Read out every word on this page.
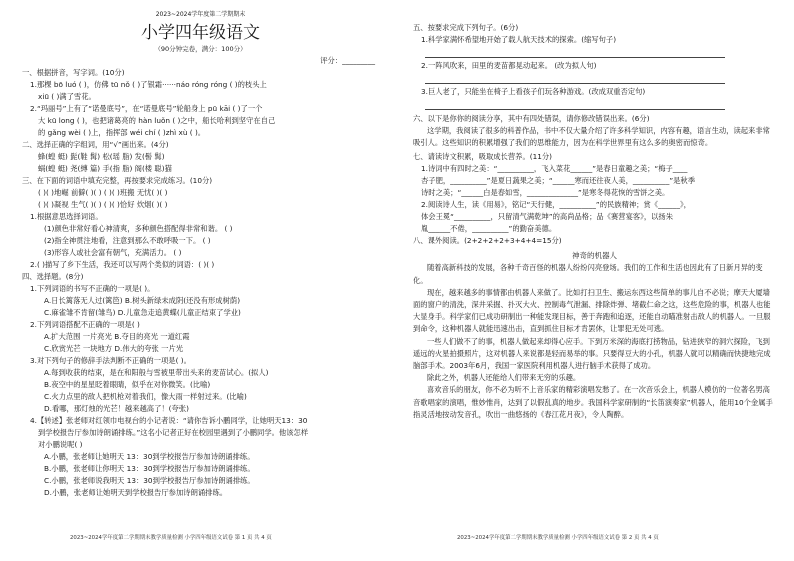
2023~2024学年度第二学期期末
小学四年级语文
（90分钟完卷，满分：100分）
评分：_________
一、根据拼音，写字词。(10分)
1.那棵 bō luó ( )，仿佛 tū nǒ ( )了银霜······náo róng róng ( )的枝头上
xiū ( )满了雪花。
2.“玛丽号”上有了“诺曼底号”，在“诺曼底号”轮船身上 pū kāi ( )了一个
大 kū long ( )，也把诸葛亮的 hàn luǒn ( )之中，船长哈利到坚守在自己
的 gǎng wèi ( )上，指挥部 wéi chí ( )zhì xù ( )。
二、选择正确的字组词，用“√”画出来。(4分)
蜂(蝗 蜓) 髭(鞋 髯) 松(瑶 脂) 发(髻 髯)
蜗(蝗 蜓) 尧(縳 篇) 手(指 脂) 阁(楼 聪)猫
三、在下面的词语中填充完整，再按要求完成练习。(10分)
( )( )地崛 前僻( )( ) ( )( )班搬 无忧( )( )
( )( )凝视 生气( )( ) ( )( )恰好 炊烟( )( )
1.根据意思选择词语。
(1)颜色非常好看心神清爽，多种颜色搭配得非常和谐。 ( )
(2)指全神贯注地看，注意到那么不敢呼吸一下。 ( )
(3)形容人或社会富有朝气，充满活力。 ( )
2.( )描写了乡下生活，我还可以写两个类似的词语：( )( )
四、选择题。(8分)
1.下列词语的书写不正确的一项是( )。
A.日长篱落无人过(篱笆) B.树头新绿未成阴(还没有形成树荫)
C.麻雀雏不肯留(雏鸟) D.儿童急走追黄蝶(儿童正结束了学业)
2.下列词语搭配不正确的一项是( )
A.扩大范围 一片亮光 B.夺目的亮光 一道红霞
C.欣赏光芒 一块地方 D.伟大的夸张 一片光
3.对下列句子的修辞手法判断不正确的一项是( )。
A.每到收获的结束，是在和阳般与雪被里带出头来的麦苗试心。(拟人)
B.夜空中的星星眨着眼睛，似乎在对你微笑。(比喻)
C.火力点里的敌人把机枪对着我们，像大雨一样射过来。(比喻)
D.看哪，那灯烛的光芒！越来越高了！(夸张)
4.【转述】张老师对红领巾电视台的小记者说：“请你告诉小鹏同学，让她明天13：30
到学校报告厅参加诗朗诵排练。”这名小记者正好在校园里遇到了小鹏同学。他该怎样
对小鹏说呢( )
A.小鹏，张老师让她明天 13：30到学校报告厅参加诗朗诵排练。
B.小鹏，张老师让你明天 13：30到学校报告厅参加诗朗诵排练。
C.小鹏，张老师说我明天 13：30到学校报告厅参加诗朗诵排练。
D.小鹏，张老师让她明天到学校报告厅参加诗朗诵排练。
2023~2024学年度第二学期期末教学质量检测 小学四年级语文试卷 第 1 页 共 4 页
五、按要求完成下列句子。(6分)
1.科学家满怀希望地开始了载人航天技术的探索。(缩写句子)
2.一阵风吹来，田里的麦苗都晃动起来。 (改为拟人句)
3.巨人老了，只能坐在椅子上看孩子们玩各种游戏。(改成双重否定句)
六、以下是你你的阅读分享，其中有四处错误，请你修改错误出来。(6分)
这学期，我阅读了很多的科普作品，书中不仅大量介绍了许多科学知识，内容有趣，语言生动，读起来非常吸引人。这些知识的积累增强了我们的思维能力，因为在科学世界里有这么多的奥密而惊奇。
七、请读诗文积累，吸取成长营养。(11分)
1.诗词中有四时之美：“__________，飞入菜花______”是春日童趣之美；“梅子____
杏子肥，__________”是夏日蔬果之美；“______寒而还往夜人美，__________”是秋季
诗时之美；“______白是春如雪，______________”是寒冬得花恢的雪饼之美。
2.阅读诗人生，读《用易》，铭记“天行健，__________”的民族精神；赏《______》，
体会王冕“__________，只留清气满乾坤”的高尚品格；品《赛营宴客》，以扬朱
胤______不倦，__________”的勤奋美德。
八、课外阅读。(2+2+2+2+3+4+4=15分)
神奇的机器人
随着高新科技的发展，各种千奇百怪的机器人纷纷闪亮登场。我们的工作和生活也因此有了日新月异的变化。
现在，越来越多的事情都由机器人来做了。比如打扫卫生、搬运东西这些简单的事儿自不必说；摩天大厦墙面的窗户的清洗，深井采掘、扑灭大火、控制毒气泄漏、排除炸弹、堵截仁命之这，这些危险的事，机器人也能大显身手。科学家们已成功研制出一种能发现目标，善于奔跑和追逐，还能自动瞄准射击敌人的机器人。一旦服到命令，这种机器人就能迅速出击，直到抓住目标才肯罢休，让罪犯无处可逃。
一些人们做不了的事，机器人做起来却得心应手。下到万米深的海底打捞物品，钻进狭窄的洞穴探险，飞到遥远的火星拍摄照片，这对机器人来说都是轻而易举的事。只要得豆大的小孔，机器人就可以精确而快捷地完成脑部手术。2003年6月，我国一家医院利用机器人进行脑手术获得了成功。
除此之外，机器人还能给人们带来无穷的乐趣。
喜欢音乐的朋友，你不必为听不上音乐家的精彩演唱发愁了。在一次音乐会上，机器人模仿的一位著名男高音歌唱家的演唱，惟妙惟肖，达到了以假乱真的地步。我国科学家研制的“长笛演奏家”机器人，能用10个金属手指灵活地按动发音孔，吹出一曲悠扬的《春江花月夜》，令人陶醉。
2023~2024学年度第二学期期末教学质量检测 小学四年级语文试卷 第 2 页 共 4 页
